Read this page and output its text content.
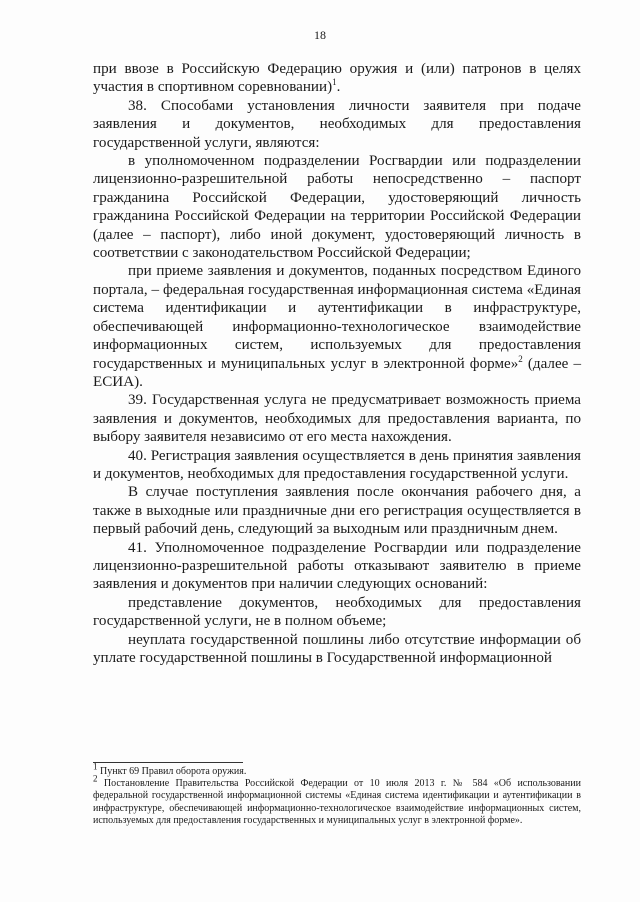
18

при ввозе в Российскую Федерацию оружия и (или) патронов в целях участия в спортивном соревновании)$^1$.

38. Способами установления личности заявителя при подаче заявления и документов, необходимых для предоставления государственной услуги, являются:

в уполномоченном подразделении Росгвардии или подразделении лицензионно-разрешительной работы непосредственно – паспорт гражданина Российской Федерации, удостоверяющий личность гражданина Российской Федерации на территории Российской Федерации (далее – паспорт), либо иной документ, удостоверяющий личность в соответствии с законодательством Российской Федерации;

при приеме заявления и документов, поданных посредством Единого портала, – федеральная государственная информационная система «Единая система идентификации и аутентификации в инфраструктуре, обеспечивающей информационно-технологическое взаимодействие информационных систем, используемых для предоставления государственных и муниципальных услуг в электронной форме»$^2$ (далее – ЕСИА).

39. Государственная услуга не предусматривает возможность приема заявления и документов, необходимых для предоставления варианта, по выбору заявителя независимо от его места нахождения.

40. Регистрация заявления осуществляется в день принятия заявления и документов, необходимых для предоставления государственной услуги.

В случае поступления заявления после окончания рабочего дня, а также в выходные или праздничные дни его регистрация осуществляется в первый рабочий день, следующий за выходным или праздничным днем.

41. Уполномоченное подразделение Росгвардии или подразделение лицензионно-разрешительной работы отказывают заявителю в приеме заявления и документов при наличии следующих оснований:

представление документов, необходимых для предоставления государственной услуги, не в полном объеме;

неуплата государственной пошлины либо отсутствие информации об уплате государственной пошлины в Государственной информационной

$^1$ Пункт 69 Правил оборота оружия.

$^2$ Постановление Правительства Российской Федерации от 10 июля 2013 г. № 584 «Об использовании федеральной государственной информационной системы «Единая система идентификации и аутентификации в инфраструктуре, обеспечивающей информационно-технологическое взаимодействие информационных систем, используемых для предоставления государственных и муниципальных услуг в электронной форме».
